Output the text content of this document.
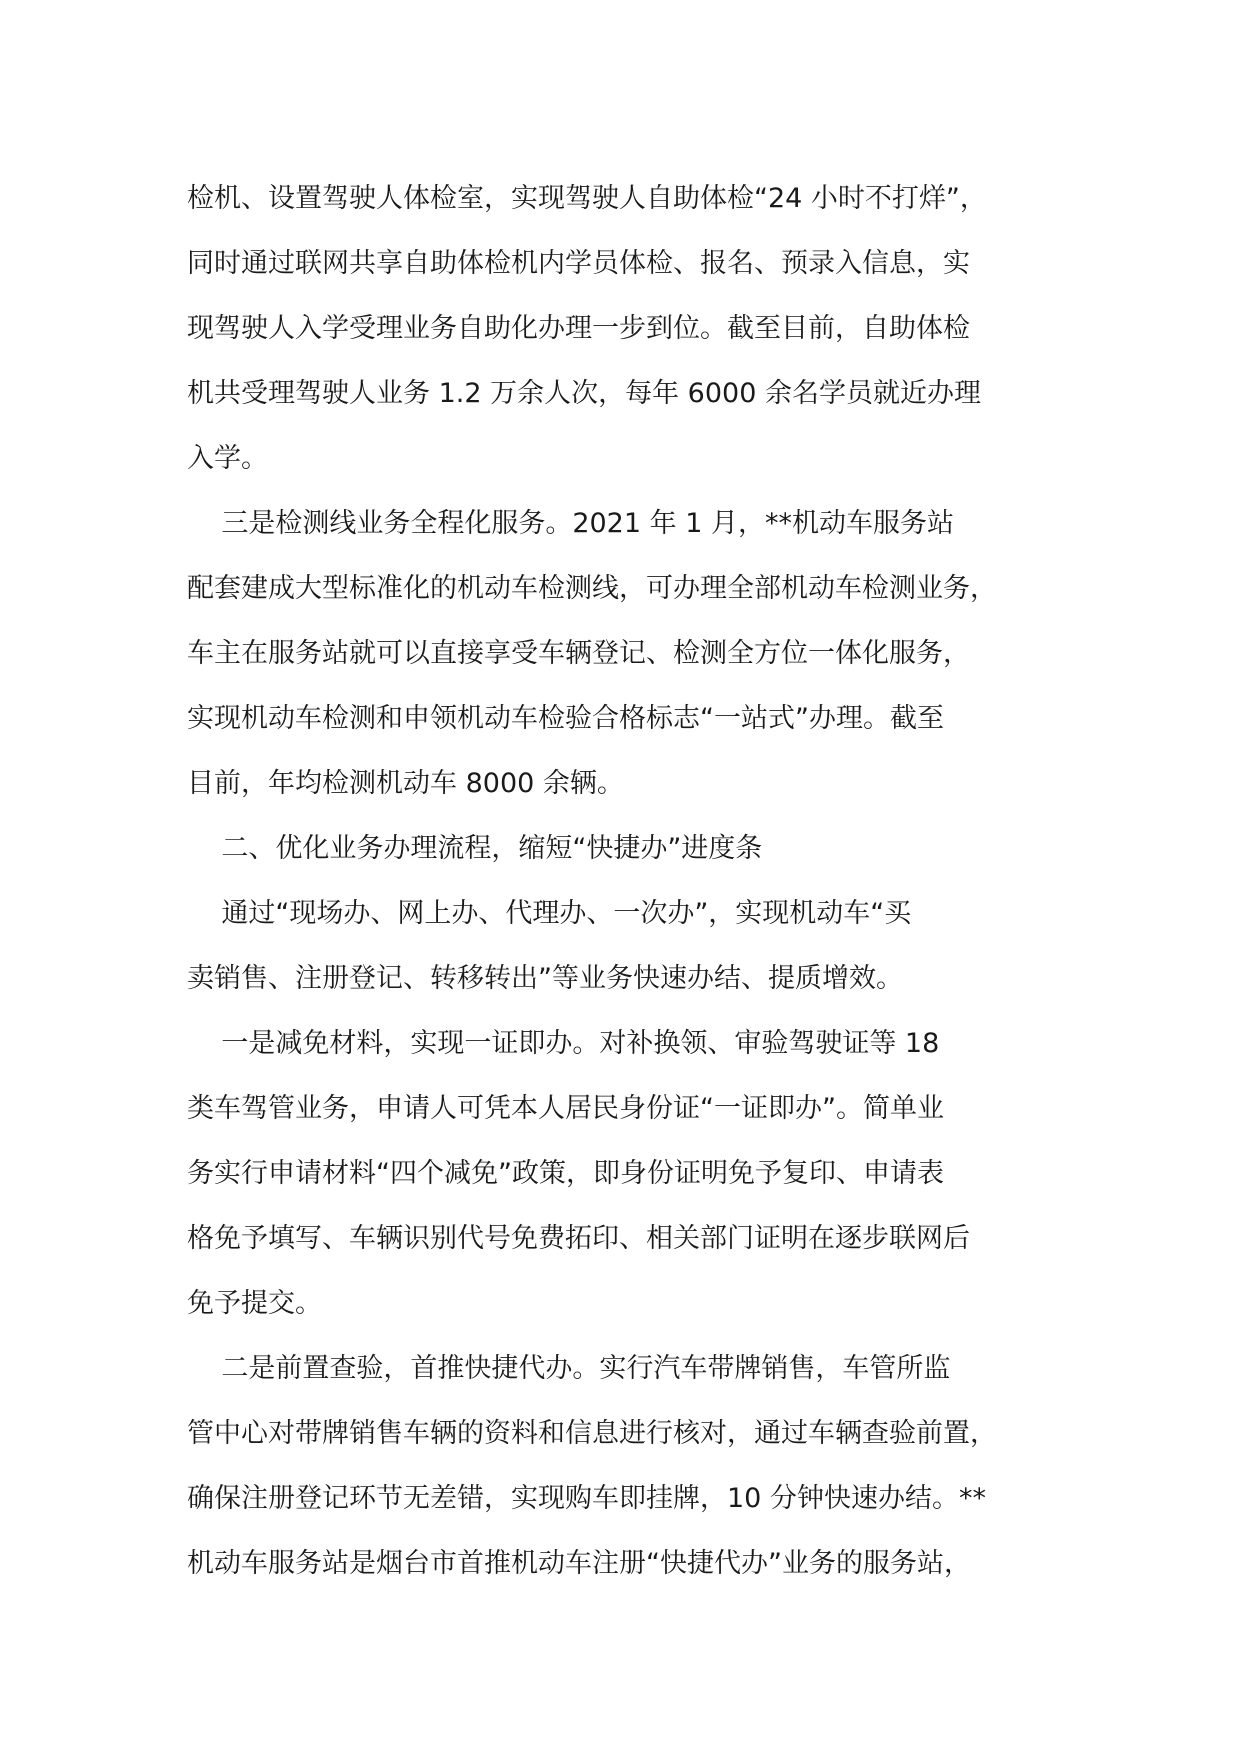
检机、设置驾驶人体检室，实现驾驶人自助体检“24 小时不打烊”，
同时通过联网共享自助体检机内学员体检、报名、预录入信息，实
现驾驶人入学受理业务自助化办理一步到位。截至目前，自助体检
机共受理驾驶人业务 1.2 万余人次，每年 6000 余名学员就近办理
入学。

三是检测线业务全程化服务。2021 年 1 月，**机动车服务站
配套建成大型标准化的机动车检测线，可办理全部机动车检测业务，
车主在服务站就可以直接享受车辆登记、检测全方位一体化服务，
实现机动车检测和申领机动车检验合格标志“一站式”办理。截至
目前，年均检测机动车 8000 余辆。

二、优化业务办理流程，缩短“快捷办”进度条

通过“现场办、网上办、代理办、一次办”，实现机动车“买
卖销售、注册登记、转移转出”等业务快速办结、提质增效。

一是减免材料，实现一证即办。对补换领、审验驾驶证等 18
类车驾管业务，申请人可凭本人居民身份证“一证即办”。简单业
务实行申请材料“四个减免”政策，即身份证明免予复印、申请表
格免予填写、车辆识别代号免费拓印、相关部门证明在逐步联网后
免予提交。

二是前置查验，首推快捷代办。实行汽车带牌销售，车管所监
管中心对带牌销售车辆的资料和信息进行核对，通过车辆查验前置，
确保注册登记环节无差错，实现购车即挂牌，10 分钟快速办结。**
机动车服务站是烟台市首推机动车注册“快捷代办”业务的服务站，
